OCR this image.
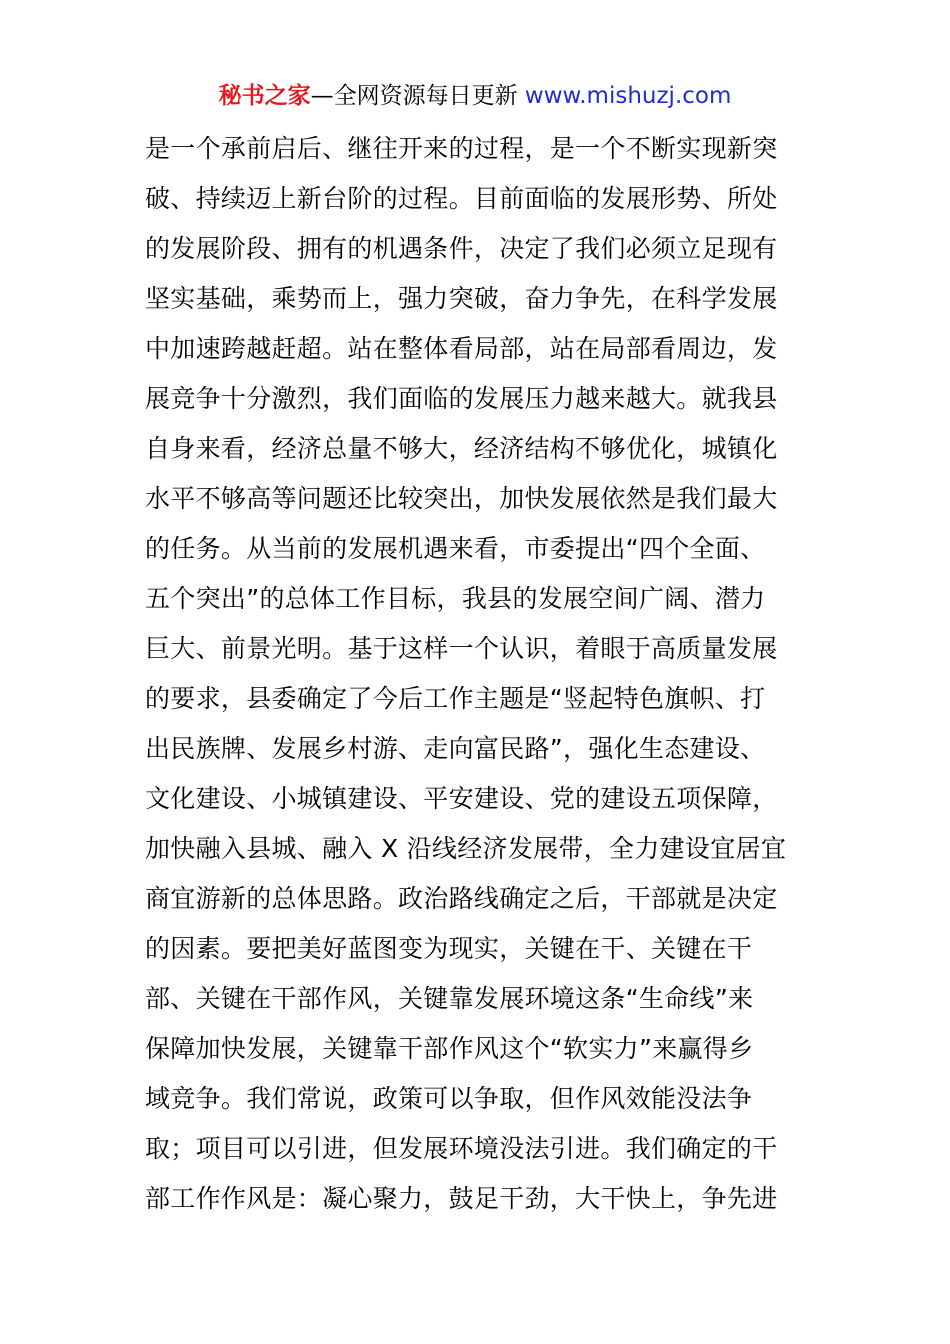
秘书之家—全网资源每日更新 www.mishuzj.com
是一个承前启后、继往开来的过程，是一个不断实现新突
破、持续迈上新台阶的过程。目前面临的发展形势、所处
的发展阶段、拥有的机遇条件，决定了我们必须立足现有
坚实基础，乘势而上，强力突破，奋力争先，在科学发展
中加速跨越赶超。站在整体看局部，站在局部看周边，发
展竞争十分激烈，我们面临的发展压力越来越大。就我县
自身来看，经济总量不够大，经济结构不够优化，城镇化
水平不够高等问题还比较突出，加快发展依然是我们最大
的任务。从当前的发展机遇来看，市委提出“四个全面、
五个突出”的总体工作目标，我县的发展空间广阔、潜力
巨大、前景光明。基于这样一个认识，着眼于高质量发展
的要求，县委确定了今后工作主题是“竖起特色旗帜、打
出民族牌、发展乡村游、走向富民路”，强化生态建设、
文化建设、小城镇建设、平安建设、党的建设五项保障，
加快融入县城、融入 X 沿线经济发展带，全力建设宜居宜
商宜游新的总体思路。政治路线确定之后，干部就是决定
的因素。要把美好蓝图变为现实，关键在干、关键在干
部、关键在干部作风，关键靠发展环境这条“生命线”来
保障加快发展，关键靠干部作风这个“软实力”来赢得乡
域竞争。我们常说，政策可以争取，但作风效能没法争
取；项目可以引进，但发展环境没法引进。我们确定的干
部工作作风是：凝心聚力，鼓足干劲，大干快上，争先进
